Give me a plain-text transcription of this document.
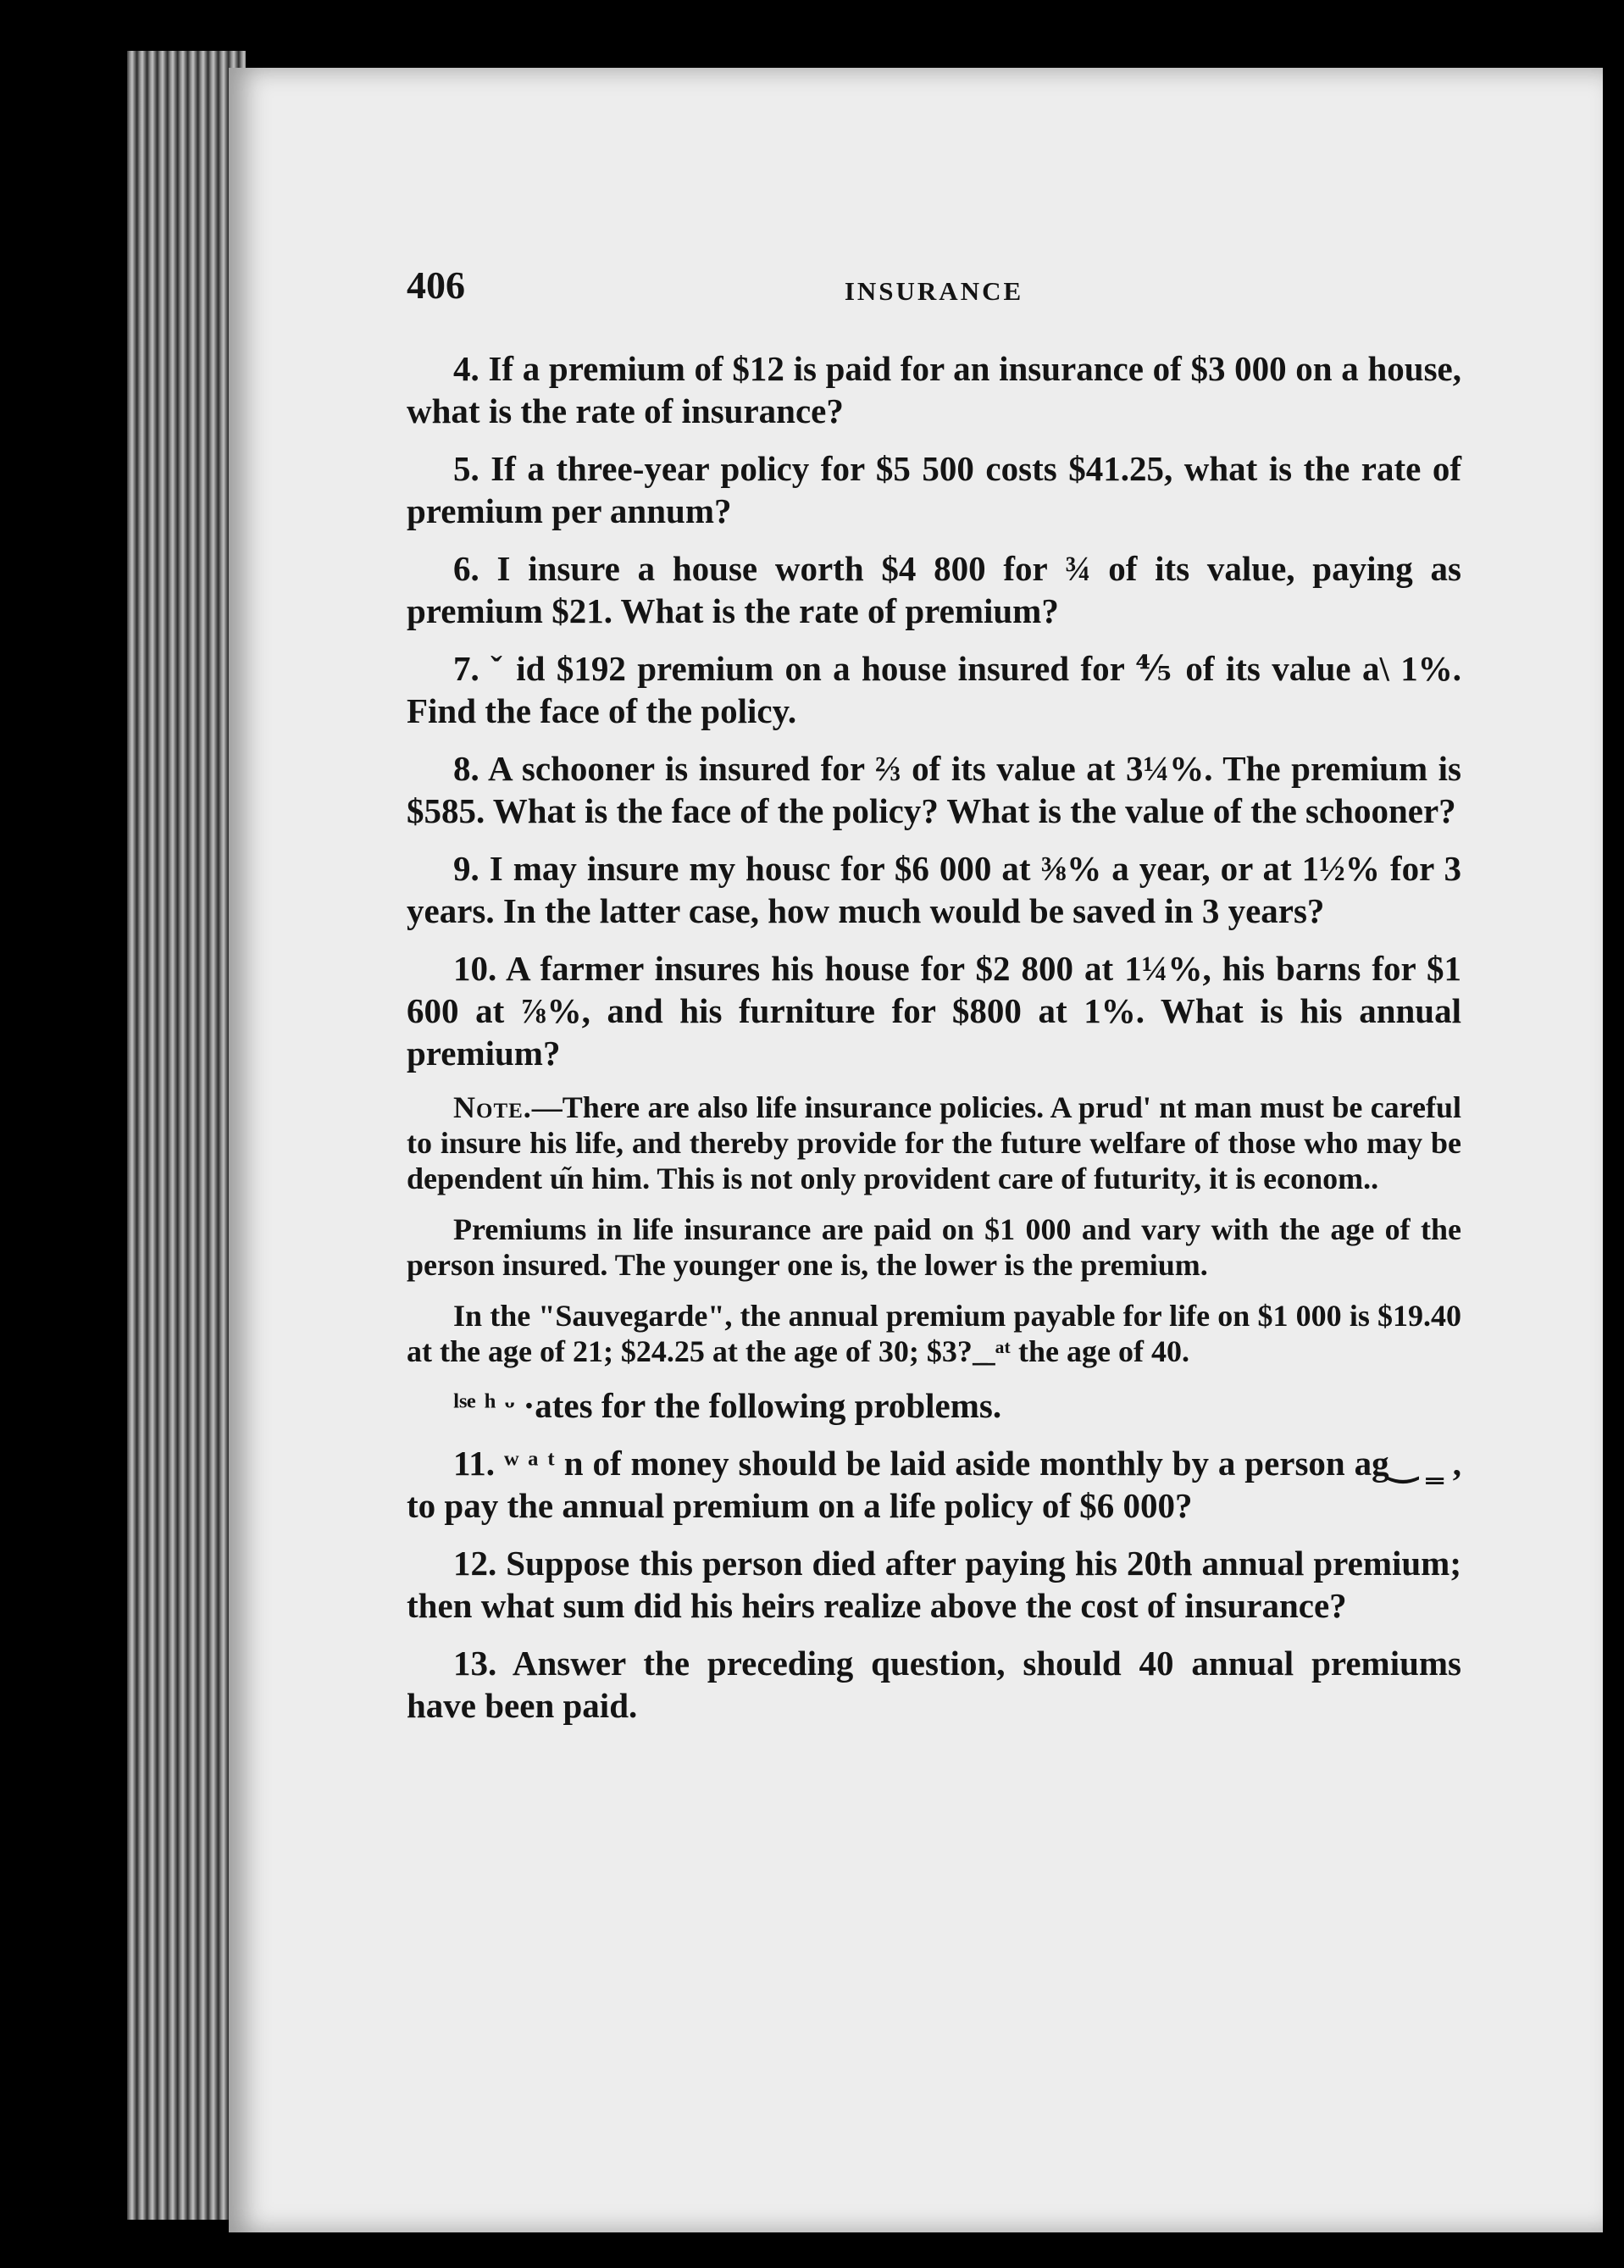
406	INSURANCE

4. If a premium of $12 is paid for an insurance of $3 000 on a house, what is the rate of insurance?

5. If a three-year policy for $5 500 costs $41.25, what is the rate of premium per annum?

6. I insure a house worth $4 800 for ¾ of its value, paying as premium $21. What is the rate of premium?

7. ˇ id $192 premium on a house insured for ⅘ of its value a\ 1%. Find the face of the policy.

8. A schooner is insured for ⅔ of its value at 3¼%. The premium is $585. What is the face of the policy? What is the value of the schooner?

9. I may insure my housc for $6 000 at ⅜% a year, or at 1½% for 3 years. In the latter case, how much would be saved in 3 years?

10. A farmer insures his house for $2 800 at 1¼%, his barns for $1 600 at ⅞%, and his furniture for $800 at 1%. What is his annual premium?

Note.—There are also life insurance policies. A prud' nt man must be careful to insure his life, and thereby provide for the future welfare of those who may be dependent u᷉n him. This is not only provident care of futurity, it is econom..

Premiums in life insurance are paid on $1 000 and vary with the age of the person insured. The younger one is, the lower is the premium.

In the "Sauvegarde", the annual premium payable for life on $1 000 is $19.40 at the age of 21; $24.25 at the age of 30; $3? ̲ ̲ ᵃᵗ the age of 40.

ˡˢᵉ ʰ ᵕ ·ates for the following problems.

11. ʷ ᵃ ᵗ n of money should be laid aside monthly by a person ag‿ ‗ , to pay the annual premium on a life policy of $6 000?

12. Suppose this person died after paying his 20th annual premium; then what sum did his heirs realize above the cost of insurance?

13. Answer the preceding question, should 40 annual premiums have been paid.
